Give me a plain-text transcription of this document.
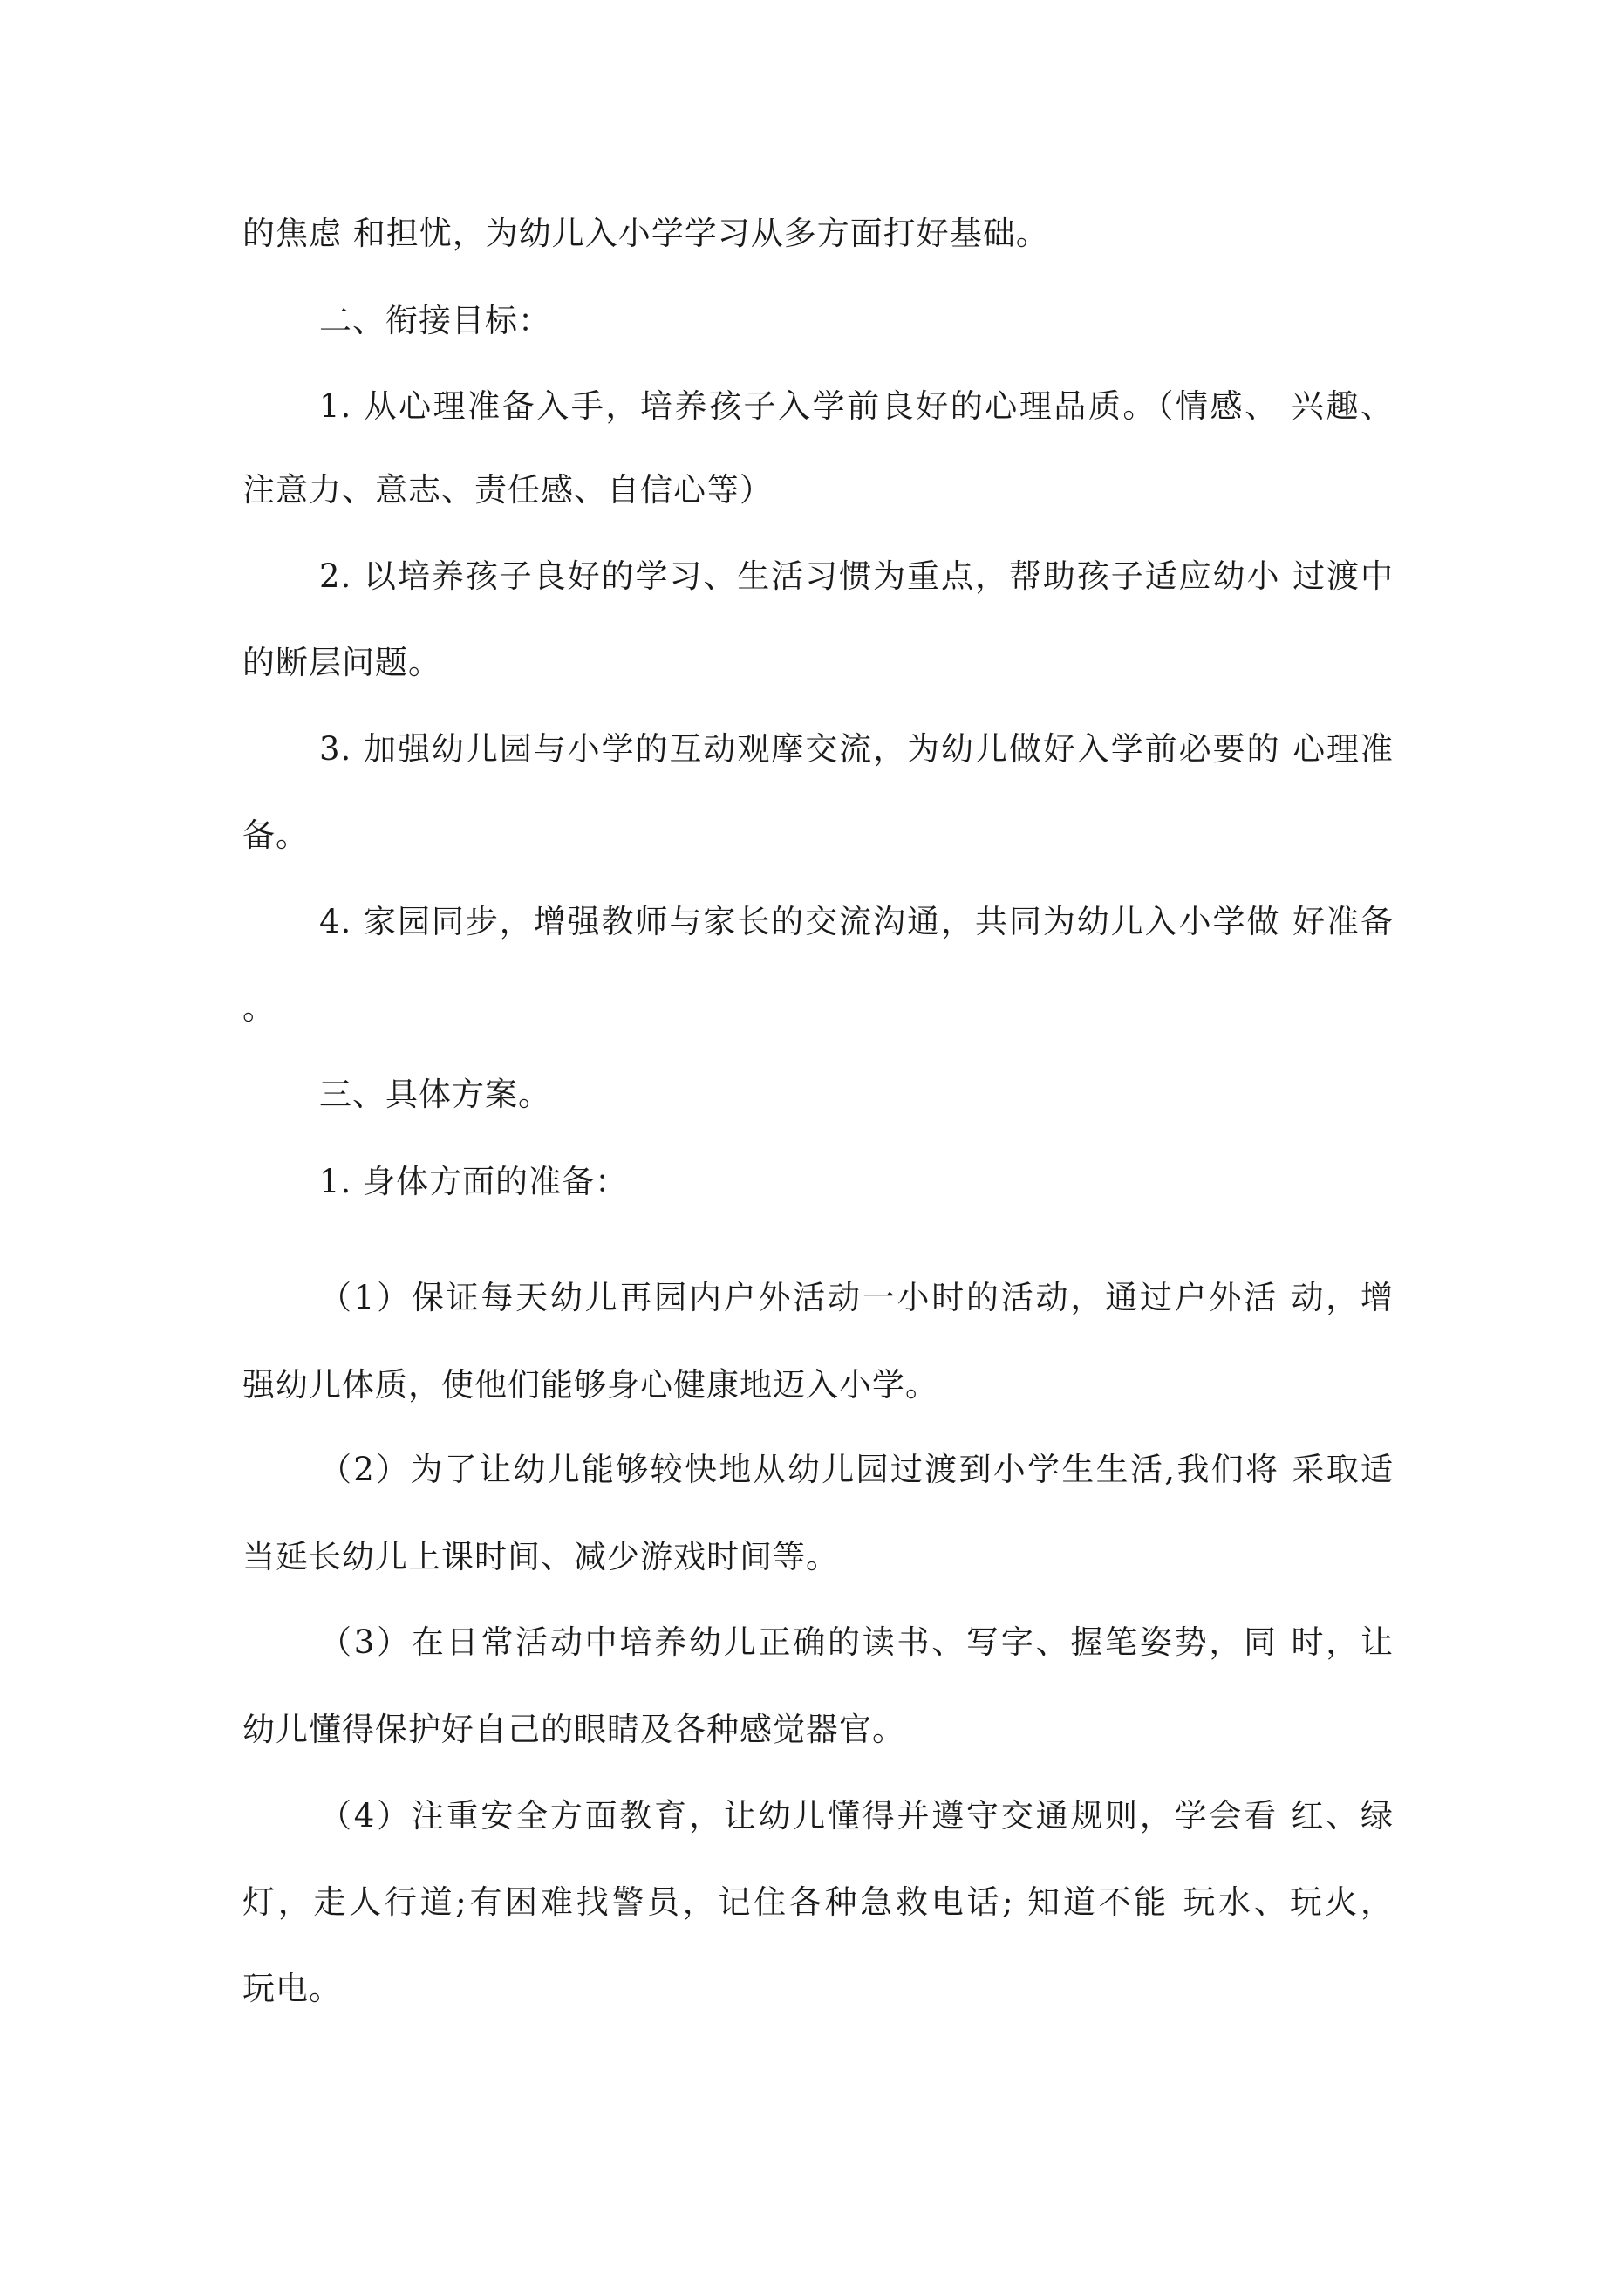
的焦虑 和担忧，为幼儿入小学学习从多方面打好基础。
二、衔接目标：
1. 从心理准备入手，培养孩子入学前良好的心理品质。（情感、 兴趣、
注意力、意志、责任感、自信心等）
2. 以培养孩子良好的学习、生活习惯为重点，帮助孩子适应幼小 过渡中
的断层问题。
3. 加强幼儿园与小学的互动观摩交流，为幼儿做好入学前必要的 心理准
备。
4. 家园同步，增强教师与家长的交流沟通，共同为幼儿入小学做 好准备
。
三、具体方案。
1. 身体方面的准备：
（1）保证每天幼儿再园内户外活动一小时的活动，通过户外活 动，增
强幼儿体质，使他们能够身心健康地迈入小学。
（2）为了让幼儿能够较快地从幼儿园过渡到小学生生活,我们将 采取适
当延长幼儿上课时间、减少游戏时间等。
（3）在日常活动中培养幼儿正确的读书、写字、握笔姿势，同 时，让
幼儿懂得保护好自己的眼睛及各种感觉器官。
（4）注重安全方面教育，让幼儿懂得并遵守交通规则，学会看 红、绿
灯，走人行道;有困难找警员，记住各种急救电话; 知道不能 玩水、玩火，
玩电。
